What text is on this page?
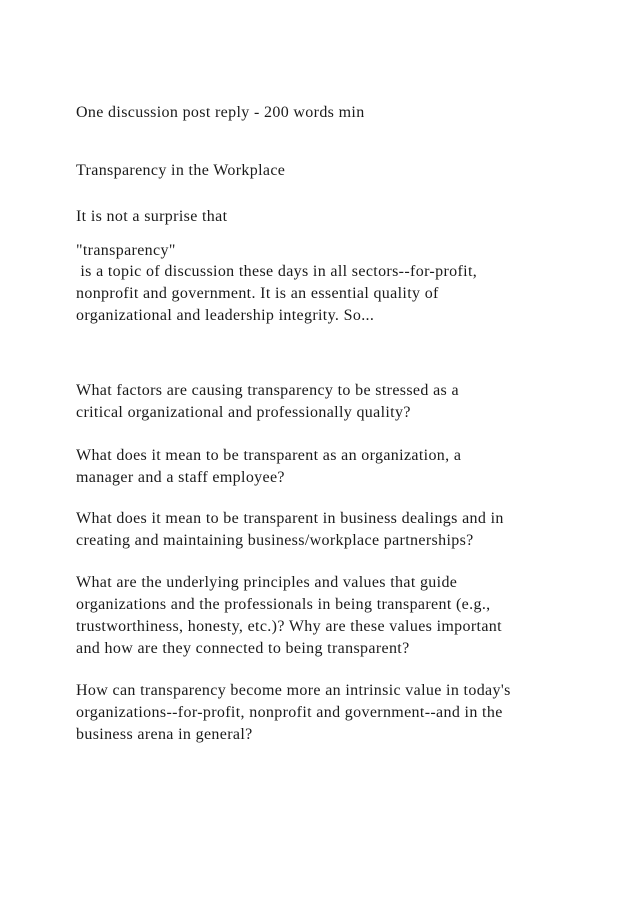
One discussion post reply - 200 words min
Transparency in the Workplace
It is not a surprise that
"transparency"
is a topic of discussion these days in all sectors--for-profit,
nonprofit and government. It is an essential quality of
organizational and leadership integrity. So...
What factors are causing transparency to be stressed as a
critical organizational and professionally quality?
What does it mean to be transparent as an organization, a
manager and a staff employee?
What does it mean to be transparent in business dealings and in
creating and maintaining business/workplace partnerships?
What are the underlying principles and values that guide
organizations and the professionals in being transparent (e.g.,
trustworthiness, honesty, etc.)? Why are these values important
and how are they connected to being transparent?
How can transparency become more an intrinsic value in today's
organizations--for-profit, nonprofit and government--and in the
business arena in general?
